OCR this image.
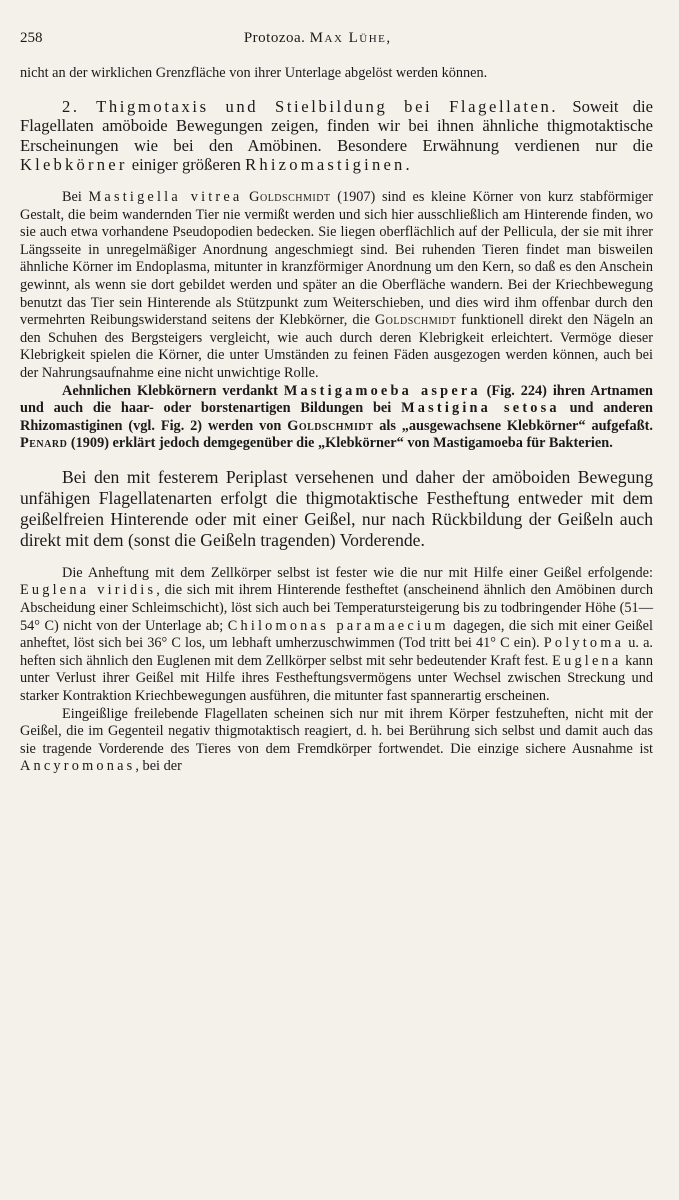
258	Protozoa. Max Lühe,

nicht an der wirklichen Grenzfläche von ihrer Unterlage abgelöst werden können.

2. Thigmotaxis und Stielbildung bei Flagellaten. Soweit die Flagellaten amöboide Bewegungen zeigen, finden wir bei ihnen ähnliche thigmotaktische Erscheinungen wie bei den Amöbinen. Besondere Erwähnung verdienen nur die Klebkörner einiger größeren Rhizomastiginen.

Bei Mastigella vitrea Goldschmidt (1907) sind es kleine Körner von kurz stabförmiger Gestalt, die beim wandernden Tier nie vermißt werden und sich hier ausschließlich am Hinterende finden, wo sie auch etwa vorhandene Pseudopodien bedecken. Sie liegen oberflächlich auf der Pellicula, der sie mit ihrer Längsseite in unregelmäßiger Anordnung angeschmiegt sind. Bei ruhenden Tieren findet man bisweilen ähnliche Körner im Endoplasma, mitunter in kranzförmiger Anordnung um den Kern, so daß es den Anschein gewinnt, als wenn sie dort gebildet werden und später an die Oberfläche wandern. Bei der Kriechbewegung benutzt das Tier sein Hinterende als Stützpunkt zum Weiterschieben, und dies wird ihm offenbar durch den vermehrten Reibungswiderstand seitens der Klebkörner, die Goldschmidt funktionell direkt den Nägeln an den Schuhen des Bergsteigers vergleicht, wie auch durch deren Klebrigkeit erleichtert. Vermöge dieser Klebrigkeit spielen die Körner, die unter Umständen zu feinen Fäden ausgezogen werden können, auch bei der Nahrungsaufnahme eine nicht unwichtige Rolle.

Aehnlichen Klebkörnern verdankt Mastigamoeba aspera (Fig. 224) ihren Artnamen und auch die haar- oder borstenartigen Bildungen bei Mastigina setosa und anderen Rhizomastiginen (vgl. Fig. 2) werden von Goldschmidt als „ausgewachsene Klebkörner“ aufgefaßt. Penard (1909) erklärt jedoch demgegenüber die „Klebkörner“ von Mastigamoeba für Bakterien.

Bei den mit festerem Periplast versehenen und daher der amöboiden Bewegung unfähigen Flagellatenarten erfolgt die thigmotaktische Festheftung entweder mit dem geißelfreien Hinterende oder mit einer Geißel, nur nach Rückbildung der Geißeln auch direkt mit dem (sonst die Geißeln tragenden) Vorderende.

Die Anheftung mit dem Zellkörper selbst ist fester wie die nur mit Hilfe einer Geißel erfolgende: Euglena viridis, die sich mit ihrem Hinterende festheftet (anscheinend ähnlich den Amöbinen durch Abscheidung einer Schleimschicht), löst sich auch bei Temperatursteigerung bis zu todbringender Höhe (51—54° C) nicht von der Unterlage ab; Chilomonas paramaecium dagegen, die sich mit einer Geißel anheftet, löst sich bei 36° C los, um lebhaft umherzuschwimmen (Tod tritt bei 41° C ein). Polytoma u. a. heften sich ähnlich den Euglenen mit dem Zellkörper selbst mit sehr bedeutender Kraft fest. Euglena kann unter Verlust ihrer Geißel mit Hilfe ihres Festheftungsvermögens unter Wechsel zwischen Streckung und starker Kontraktion Kriechbewegungen ausführen, die mitunter fast spannerartig erscheinen.

Eingeißlige freilebende Flagellaten scheinen sich nur mit ihrem Körper festzuheften, nicht mit der Geißel, die im Gegenteil negativ thigmotaktisch reagiert, d. h. bei Berührung sich selbst und damit auch das sie tragende Vorderende des Tieres von dem Fremdkörper fortwendet. Die einzige sichere Ausnahme ist Ancyromonas, bei der
